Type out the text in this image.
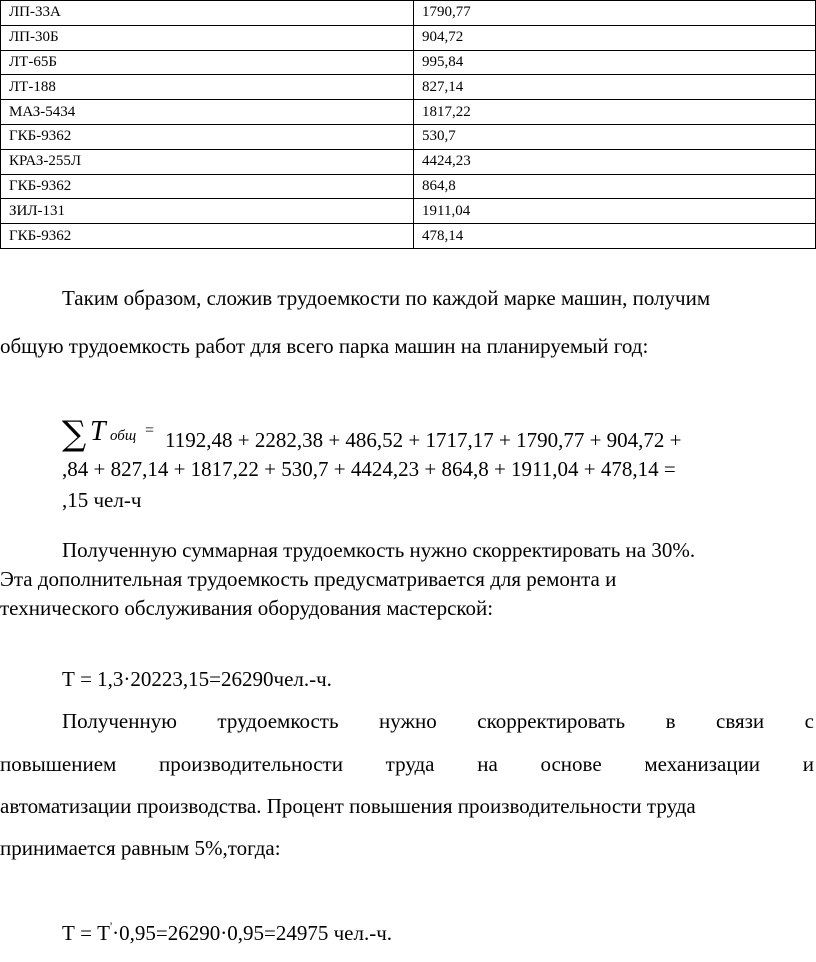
ЛП-33А	1790,77
ЛП-30Б	904,72
ЛТ-65Б	995,84
ЛТ-188	827,14
МАЗ-5434	1817,22
ГКБ-9362	530,7
КРАЗ-255Л	4424,23
ГКБ-9362	864,8
ЗИЛ-131	1911,04
ГКБ-9362	478,14
Таким образом, сложив трудоемкости по каждой марке машин, получим
общую трудоемкость работ для всего парка машин на планируемый год:
∑ T общ = 1192,48 + 2282,38 + 486,52 + 1717,17 + 1790,77 + 904,72 +
,84 + 827,14 + 1817,22 + 530,7 + 4424,23 + 864,8 + 1911,04 + 478,14 =
,15 чел-ч
Полученную суммарная трудоемкость нужно скорректировать на 30%.
Эта дополнительная трудоемкость предусматривается для ремонта и
технического обслуживания оборудования мастерской:
Т = 1,3·20223,15=26290чел.-ч.
Полученную трудоемкость нужно скорректировать в связи с
повышением производительности труда на основе механизации и
автоматизации производства. Процент повышения производительности труда
принимается равным 5%,тогда:
Т = Т'·0,95=26290·0,95=24975 чел.-ч.
